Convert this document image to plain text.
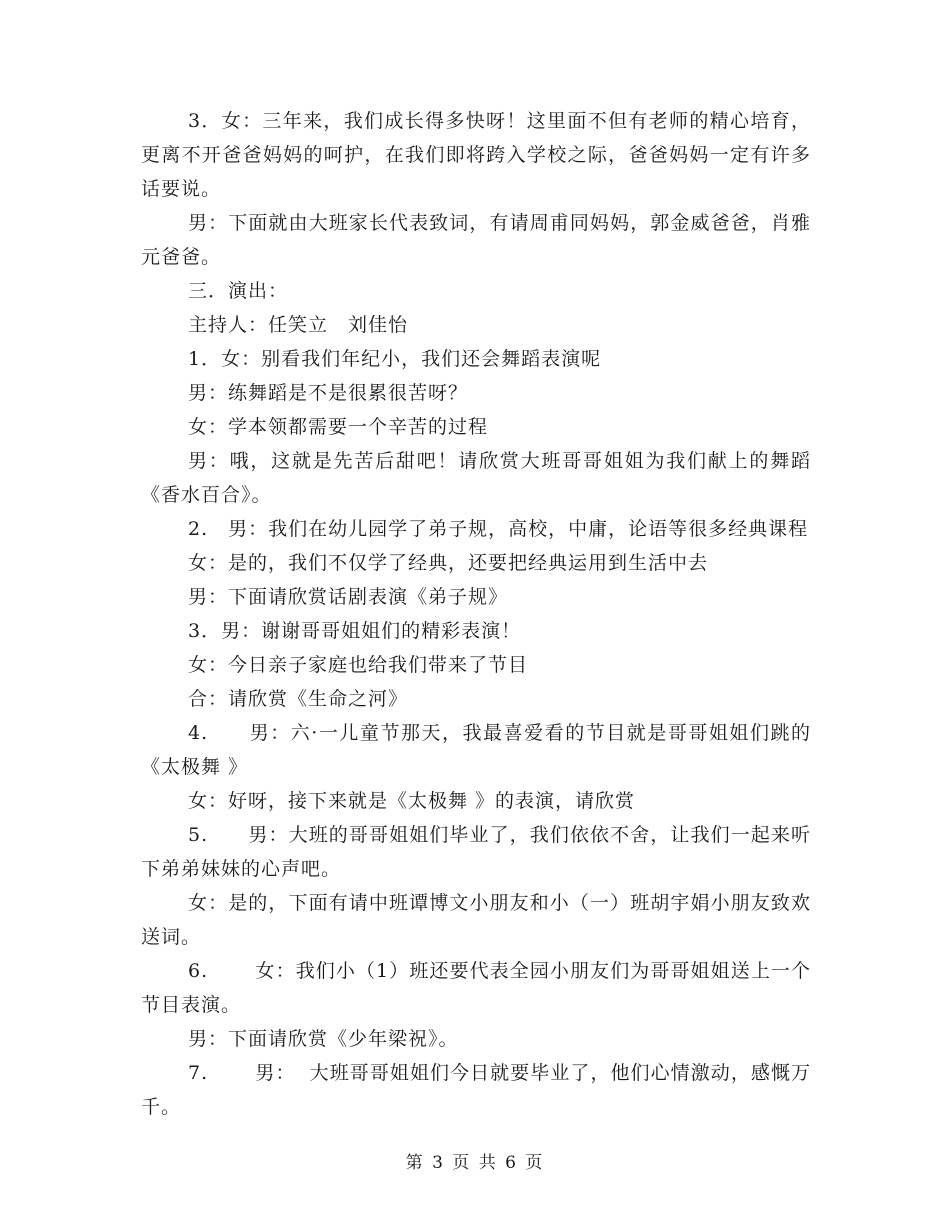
3．女：三年来，我们成长得多快呀！这里面不但有老师的精心培育，更离不开爸爸妈妈的呵护，在我们即将跨入学校之际，爸爸妈妈一定有许多话要说。

男：下面就由大班家长代表致词，有请周甫同妈妈，郭金威爸爸，肖雅元爸爸。

三．演出：

主持人：任笑立　刘佳怡

1．女：别看我们年纪小，我们还会舞蹈表演呢

男：练舞蹈是不是很累很苦呀？

女：学本领都需要一个辛苦的过程

男：哦，这就是先苦后甜吧！请欣赏大班哥哥姐姐为我们献上的舞蹈《香水百合》。

2.　男：我们在幼儿园学了弟子规，高校，中庸，论语等很多经典课程

女：是的，我们不仅学了经典，还要把经典运用到生活中去

男：下面请欣赏话剧表演《弟子规》

3．男：谢谢哥哥姐姐们的精彩表演！

女：今日亲子家庭也给我们带来了节目

合：请欣赏《生命之河》

4.　　男：六·一儿童节那天，我最喜爱看的节目就是哥哥姐姐们跳的《太极舞 》

女：好呀，接下来就是《太极舞 》的表演，请欣赏

5.　　男：大班的哥哥姐姐们毕业了，我们依依不舍，让我们一起来听下弟弟妹妹的心声吧。

女：是的，下面有请中班谭博文小朋友和小（一）班胡宇娟小朋友致欢送词。

6.　　 女：我们小（1）班还要代表全园小朋友们为哥哥姐姐送上一个节目表演。

男：下面请欣赏《少年梁祝》。

7.　　 男：  大班哥哥姐姐们今日就要毕业了，他们心情激动，感慨万千。

第 3 页 共 6 页
